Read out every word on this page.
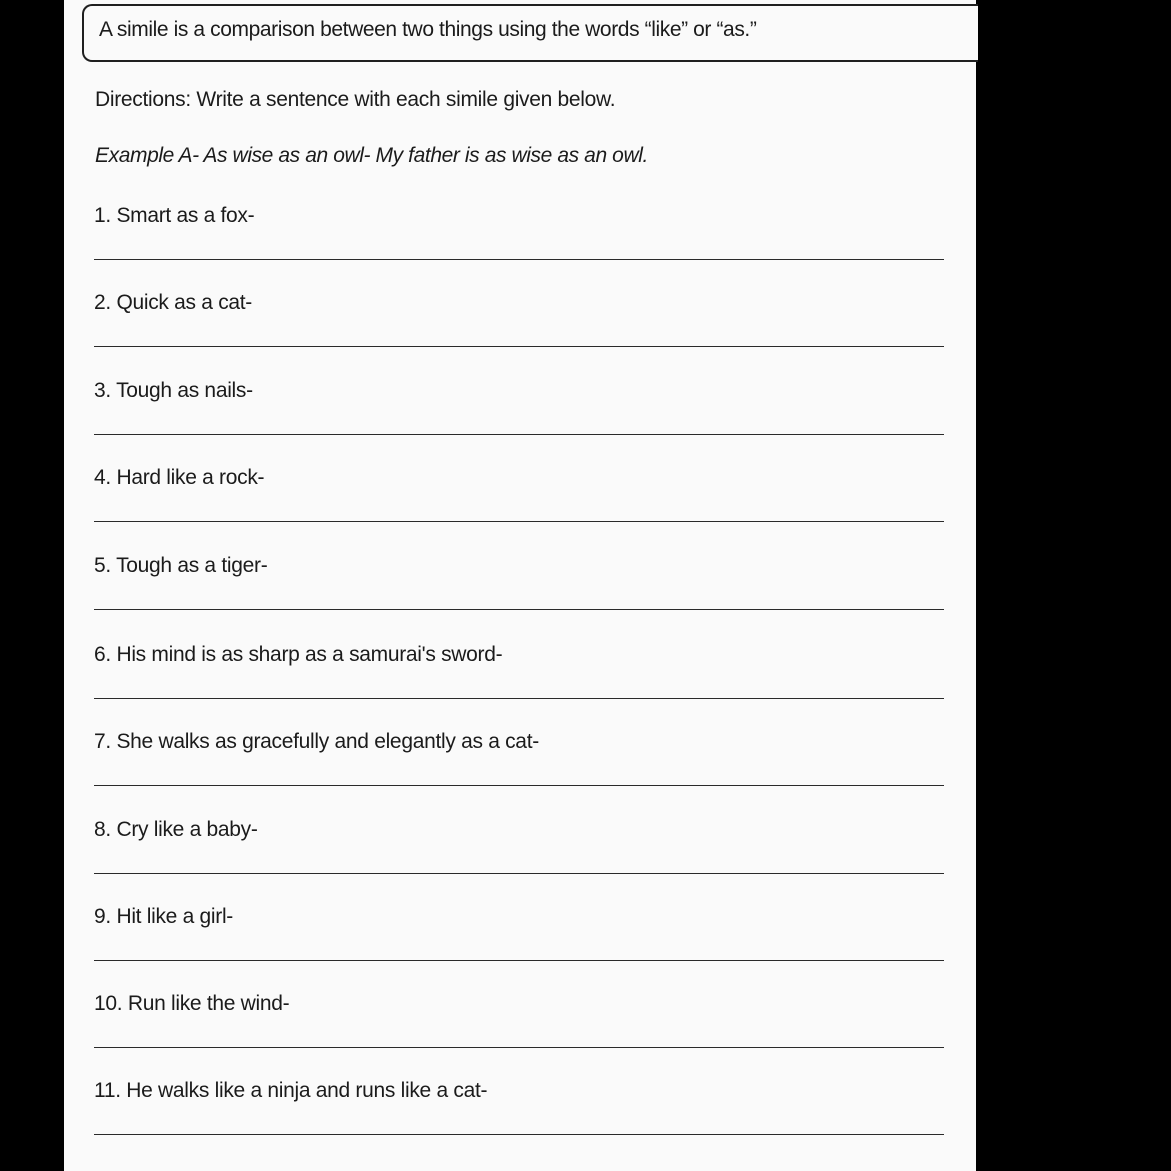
A simile is a comparison between two things using the words “like” or “as.”
Directions: Write a sentence with each simile given below.
Example A- As wise as an owl- My father is as wise as an owl.
1. Smart as a fox-
2. Quick as a cat-
3. Tough as nails-
4. Hard like a rock-
5. Tough as a tiger-
6. His mind is as sharp as a samurai's sword-
7. She walks as gracefully and elegantly as a cat-
8. Cry like a baby-
9. Hit like a girl-
10. Run like the wind-
11. He walks like a ninja and runs like a cat-
